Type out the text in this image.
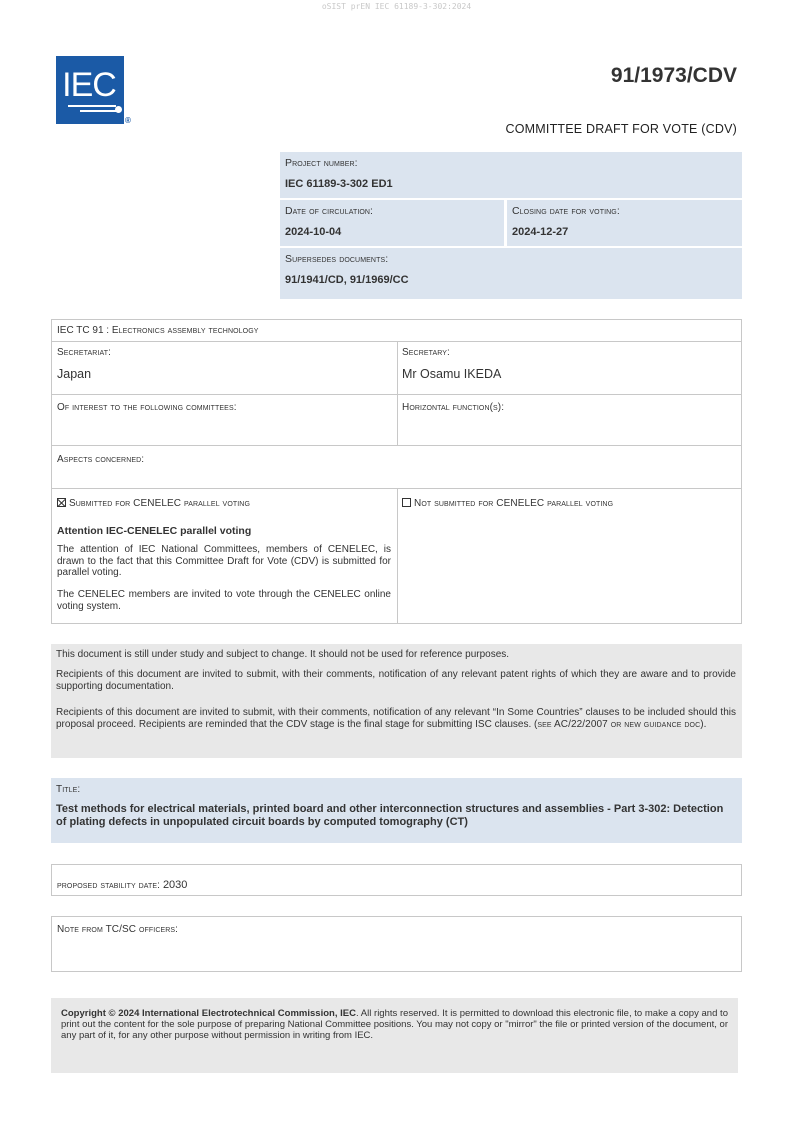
oSIST prEN IEC 61189-3-302:2024
IEC
®
91/1973/CDV
COMMITTEE DRAFT FOR VOTE (CDV)
Project number:
IEC 61189-3-302 ED1
Date of circulation:
2024-10-04
Closing date for voting:
2024-12-27
Supersedes documents:
91/1941/CD, 91/1969/CC
IEC TC 91 : Electronics assembly technology
Secretariat:
Japan
Secretary:
Mr Osamu IKEDA
Of interest to the following committees:	Horizontal function(s):
Aspects concerned:
Submitted for CENELEC parallel voting	Not submitted for CENELEC parallel voting
Attention IEC-CENELEC parallel voting
The attention of IEC National Committees, members of CENELEC, is drawn to the fact that this Committee Draft for Vote (CDV) is submitted for parallel voting.
The CENELEC members are invited to vote through the CENELEC online voting system.
This document is still under study and subject to change. It should not be used for reference purposes.
Recipients of this document are invited to submit, with their comments, notification of any relevant patent rights of which they are aware and to provide supporting documentation.
Recipients of this document are invited to submit, with their comments, notification of any relevant “In Some Countries” clauses to be included should this proposal proceed. Recipients are reminded that the CDV stage is the final stage for submitting ISC clauses. (see AC/22/2007 or new guidance doc).
Title:
Test methods for electrical materials, printed board and other interconnection structures and assemblies - Part 3-302: Detection of plating defects in unpopulated circuit boards by computed tomography (CT)
proposed stability date: 2030
Note from TC/SC officers:
Copyright © 2024 International Electrotechnical Commission, IEC. All rights reserved. It is permitted to download this electronic file, to make a copy and to print out the content for the sole purpose of preparing National Committee positions. You may not copy or "mirror" the file or printed version of the document, or any part of it, for any other purpose without permission in writing from IEC.
